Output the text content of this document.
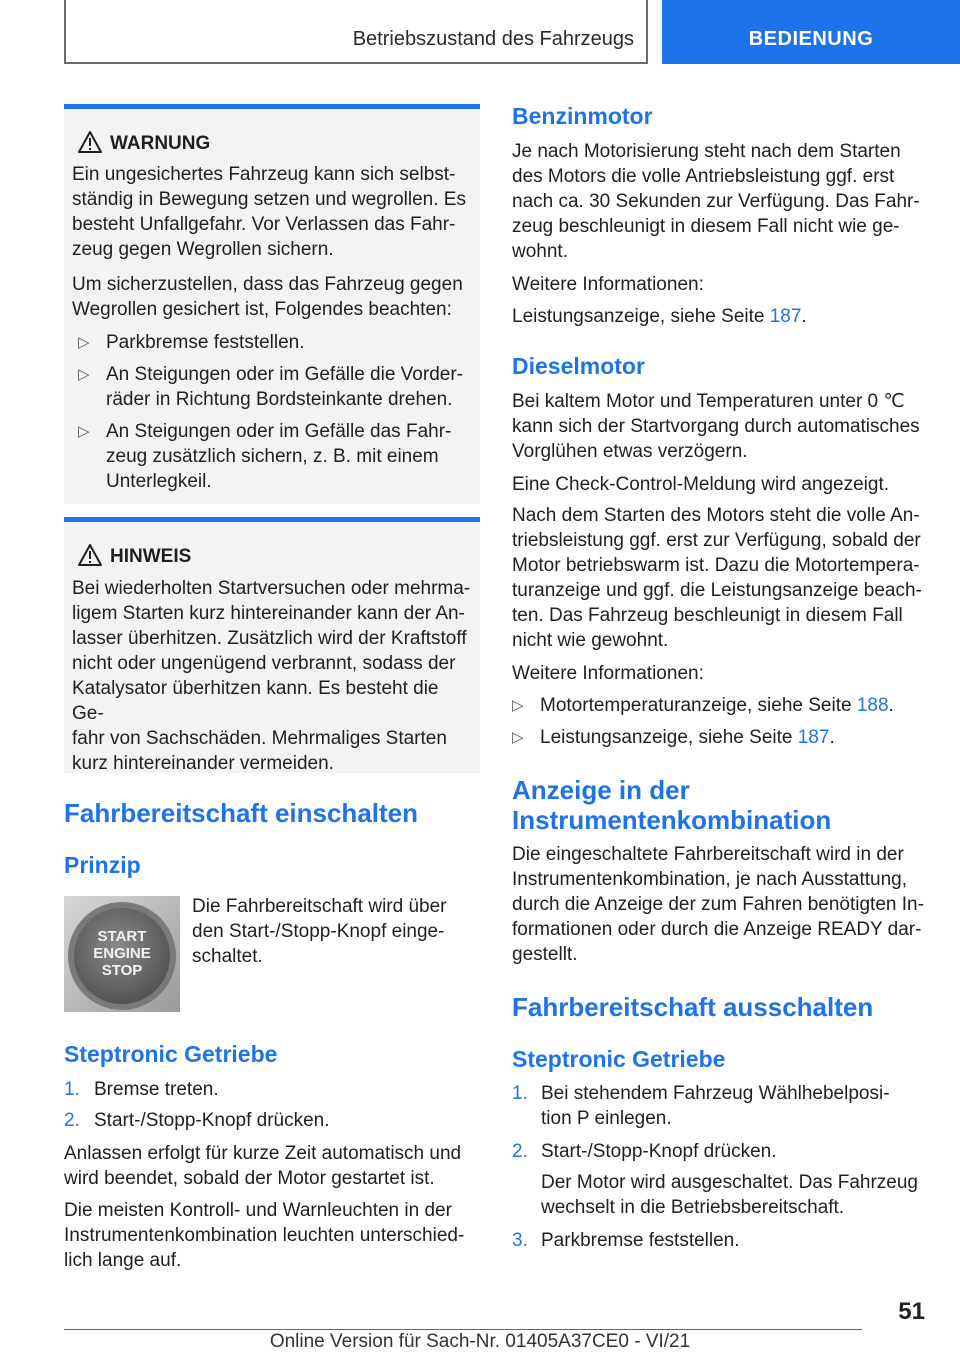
Betriebszustand des Fahrzeugs	BEDIENUNG
WARNUNG
Ein ungesichertes Fahrzeug kann sich selbst-
ständig in Bewegung setzen und wegrollen. Es
besteht Unfallgefahr. Vor Verlassen das Fahr-
zeug gegen Wegrollen sichern.
Um sicherzustellen, dass das Fahrzeug gegen
Wegrollen gesichert ist, Folgendes beachten:
▷ Parkbremse feststellen.
▷ An Steigungen oder im Gefälle die Vorder-
räder in Richtung Bordsteinkante drehen.
▷ An Steigungen oder im Gefälle das Fahr-
zeug zusätzlich sichern, z. B. mit einem
Unterlegkeil.
HINWEIS
Bei wiederholten Startversuchen oder mehrma-
ligem Starten kurz hintereinander kann der An-
lasser überhitzen. Zusätzlich wird der Kraftstoff
nicht oder ungenügend verbrannt, sodass der
Katalysator überhitzen kann. Es besteht die Ge-
fahr von Sachschäden. Mehrmaliges Starten
kurz hintereinander vermeiden.
Fahrbereitschaft einschalten
Prinzip
START
ENGINE
STOP
Die Fahrbereitschaft wird über
den Start-/Stopp-Knopf einge-
schaltet.
Steptronic Getriebe
1. Bremse treten.
2. Start-/Stopp-Knopf drücken.
Anlassen erfolgt für kurze Zeit automatisch und
wird beendet, sobald der Motor gestartet ist.
Die meisten Kontroll- und Warnleuchten in der
Instrumentenkombination leuchten unterschied-
lich lange auf.
Benzinmotor
Je nach Motorisierung steht nach dem Starten
des Motors die volle Antriebsleistung ggf. erst
nach ca. 30 Sekunden zur Verfügung. Das Fahr-
zeug beschleunigt in diesem Fall nicht wie ge-
wohnt.
Weitere Informationen:
Leistungsanzeige, siehe Seite 187.
Dieselmotor
Bei kaltem Motor und Temperaturen unter 0 ℃
kann sich der Startvorgang durch automatisches
Vorglühen etwas verzögern.
Eine Check-Control-Meldung wird angezeigt.
Nach dem Starten des Motors steht die volle An-
triebsleistung ggf. erst zur Verfügung, sobald der
Motor betriebswarm ist. Dazu die Motortempera-
turanzeige und ggf. die Leistungsanzeige beach-
ten. Das Fahrzeug beschleunigt in diesem Fall
nicht wie gewohnt.
Weitere Informationen:
▷ Motortemperaturanzeige, siehe Seite 188.
▷ Leistungsanzeige, siehe Seite 187.
Anzeige in der
Instrumentenkombination
Die eingeschaltete Fahrbereitschaft wird in der
Instrumentenkombination, je nach Ausstattung,
durch die Anzeige der zum Fahren benötigten In-
formationen oder durch die Anzeige READY dar-
gestellt.
Fahrbereitschaft ausschalten
Steptronic Getriebe
1. Bei stehendem Fahrzeug Wählhebelposi-
tion P einlegen.
2. Start-/Stopp-Knopf drücken.
Der Motor wird ausgeschaltet. Das Fahrzeug
wechselt in die Betriebsbereitschaft.
3. Parkbremse feststellen.
51
Online Version für Sach-Nr. 01405A37CE0 - VI/21
